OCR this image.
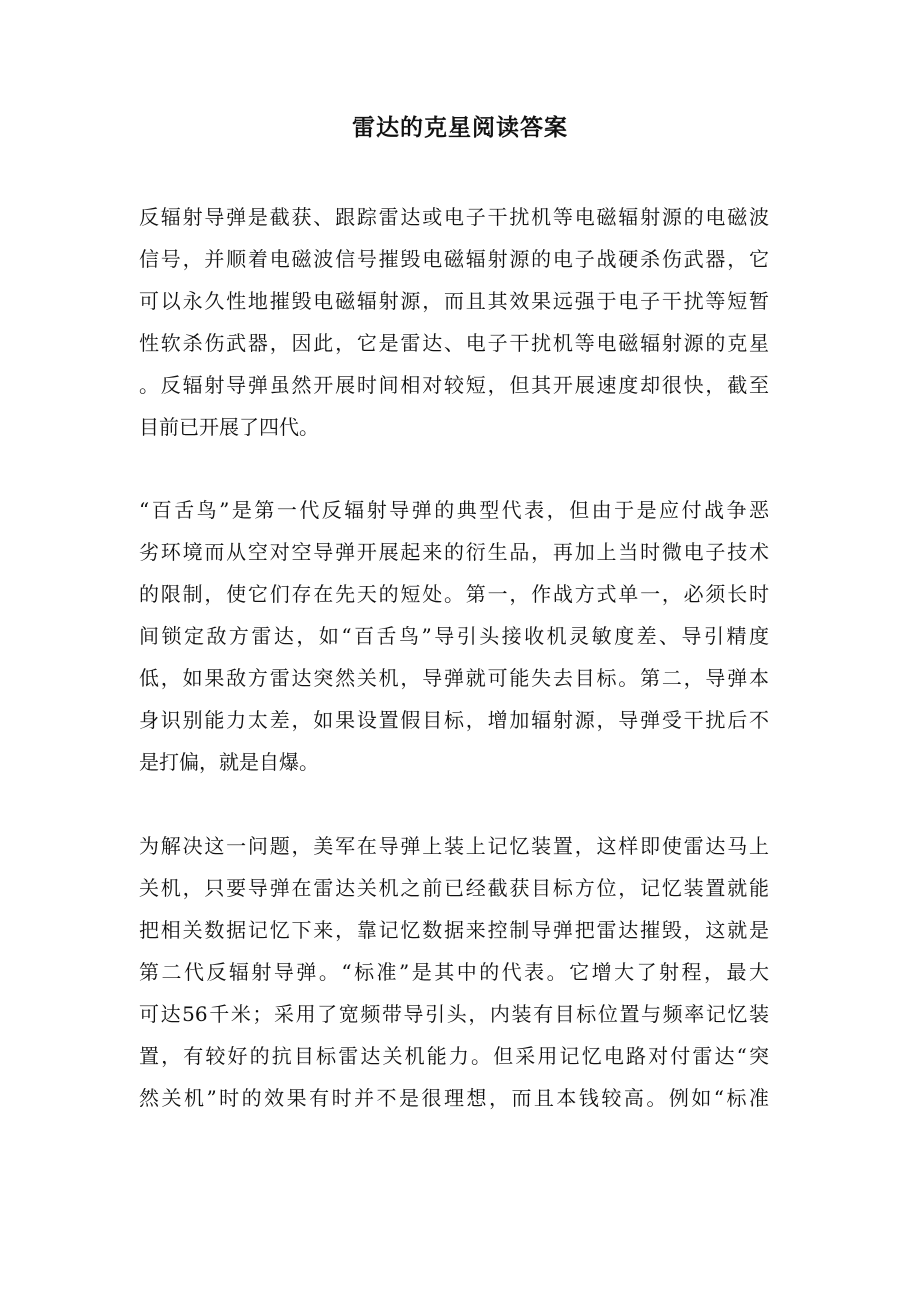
雷达的克星阅读答案
反辐射导弹是截获、跟踪雷达或电子干扰机等电磁辐射源的电磁波
信号，并顺着电磁波信号摧毁电磁辐射源的电子战硬杀伤武器，它
可以永久性地摧毁电磁辐射源，而且其效果远强于电子干扰等短暂
性软杀伤武器，因此，它是雷达、电子干扰机等电磁辐射源的克星
。反辐射导弹虽然开展时间相对较短，但其开展速度却很快，截至
目前已开展了四代。
“百舌鸟”是第一代反辐射导弹的典型代表，但由于是应付战争恶
劣环境而从空对空导弹开展起来的衍生品，再加上当时微电子技术
的限制，使它们存在先天的短处。第一，作战方式单一，必须长时
间锁定敌方雷达，如“百舌鸟”导引头接收机灵敏度差、导引精度
低，如果敌方雷达突然关机，导弹就可能失去目标。第二，导弹本
身识别能力太差，如果设置假目标，增加辐射源，导弹受干扰后不
是打偏，就是自爆。
为解决这一问题，美军在导弹上装上记忆装置，这样即使雷达马上
关机，只要导弹在雷达关机之前已经截获目标方位，记忆装置就能
把相关数据记忆下来，靠记忆数据来控制导弹把雷达摧毁，这就是
第二代反辐射导弹。“标准”是其中的代表。它增大了射程，最大
可达56千米；采用了宽频带导引头，内装有目标位置与频率记忆装
置，有较好的抗目标雷达关机能力。但采用记忆电路对付雷达“突
然关机”时的效果有时并不是很理想，而且本钱较高。例如“标准
